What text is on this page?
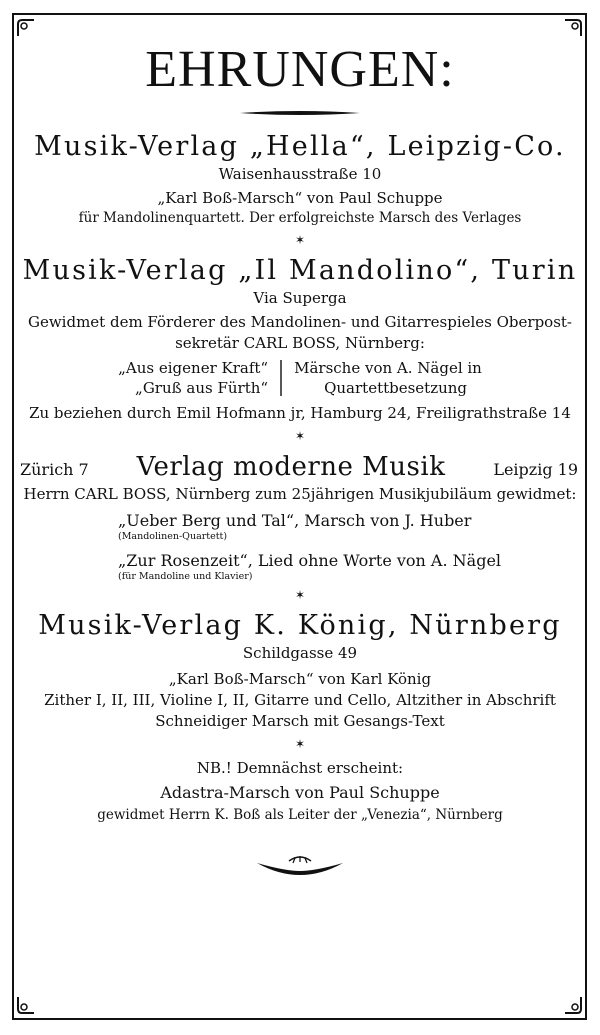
EHRUNGEN:

Musik-Verlag „Hella“, Leipzig-Co.

Waisenhausstraße 10

„Karl Boß-Marsch“ von Paul Schuppe

für Mandolinenquartett. Der erfolgreichste Marsch des Verlages

✶

Musik-Verlag „Il Mandolino“, Turin

Via Superga

Gewidmet dem Förderer des Mandolinen- und Gitarrespieles Oberpost-

sekretär CARL BOSS, Nürnberg:

„Aus eigener Kraft“
„Gruß aus Fürth“
Märsche von A. Nägel in
Quartettbesetzung

Zu beziehen durch Emil Hofmann jr, Hamburg 24, Freiligrathstraße 14

✶
Zürich 7 Verlag moderne Musik	Leipzig 19

Herrn CARL BOSS, Nürnberg zum 25jährigen Musikjubiläum gewidmet:

„Ueber Berg und Tal“, Marsch von J. Huber
(Mandolinen-Quartett)
„Zur Rosenzeit“, Lied ohne Worte von A. Nägel
(für Mandoline und Klavier)
✶

Musik-Verlag K. König, Nürnberg

Schildgasse 49

„Karl Boß-Marsch“ von Karl König

Zither I, II, III, Violine I, II, Gitarre und Cello, Altzither in Abschrift

Schneidiger Marsch mit Gesangs-Text

✶

NB.! Demnächst erscheint:

Adastra-Marsch von Paul Schuppe

gewidmet Herrn K. Boß als Leiter der „Venezia“, Nürnberg
